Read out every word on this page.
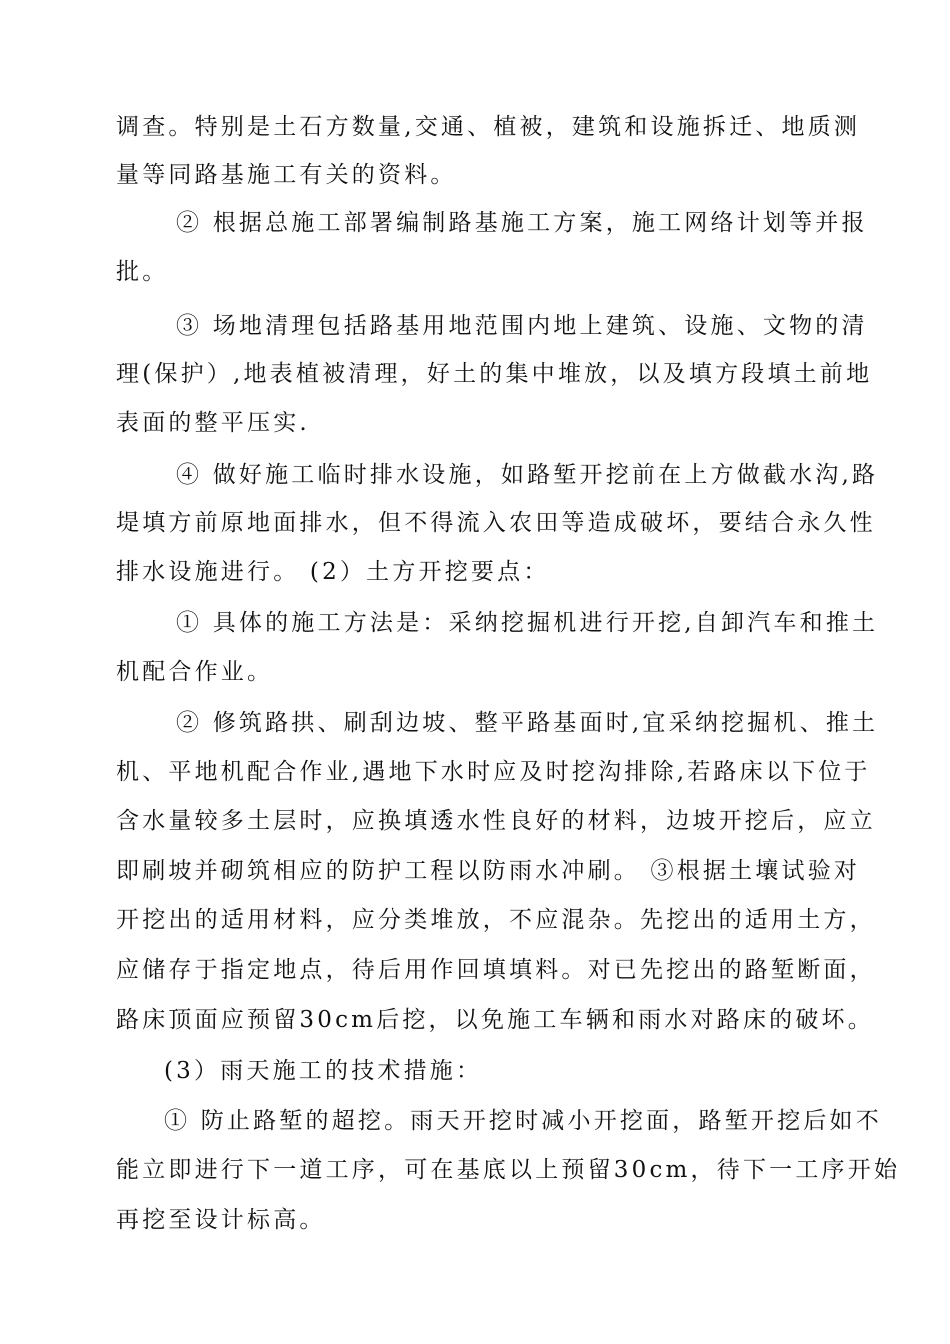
调查。特别是土石方数量,交通、植被，建筑和设施拆迁、地质测
量等同路基施工有关的资料。
② 根据总施工部署编制路基施工方案，施工网络计划等并报
批。
③ 场地清理包括路基用地范围内地上建筑、设施、文物的清
理(保护）,地表植被清理，好土的集中堆放，以及填方段填土前地
表面的整平压实.
④ 做好施工临时排水设施，如路堑开挖前在上方做截水沟,路
堤填方前原地面排水，但不得流入农田等造成破坏，要结合永久性
排水设施进行。 (2）土方开挖要点：
① 具体的施工方法是：采纳挖掘机进行开挖,自卸汽车和推土
机配合作业。
② 修筑路拱、刷刮边坡、整平路基面时,宜采纳挖掘机、推土
机、平地机配合作业,遇地下水时应及时挖沟排除,若路床以下位于
含水量较多土层时，应换填透水性良好的材料，边坡开挖后，应立
即刷坡并砌筑相应的防护工程以防雨水冲刷。 ③根据土壤试验对
开挖出的适用材料，应分类堆放，不应混杂。先挖出的适用土方，
应储存于指定地点，待后用作回填填料。对已先挖出的路堑断面，
路床顶面应预留30cm后挖，以免施工车辆和雨水对路床的破坏。
(3）雨天施工的技术措施：
① 防止路堑的超挖。雨天开挖时减小开挖面，路堑开挖后如不
能立即进行下一道工序，可在基底以上预留30cm，待下一工序开始
再挖至设计标高。
